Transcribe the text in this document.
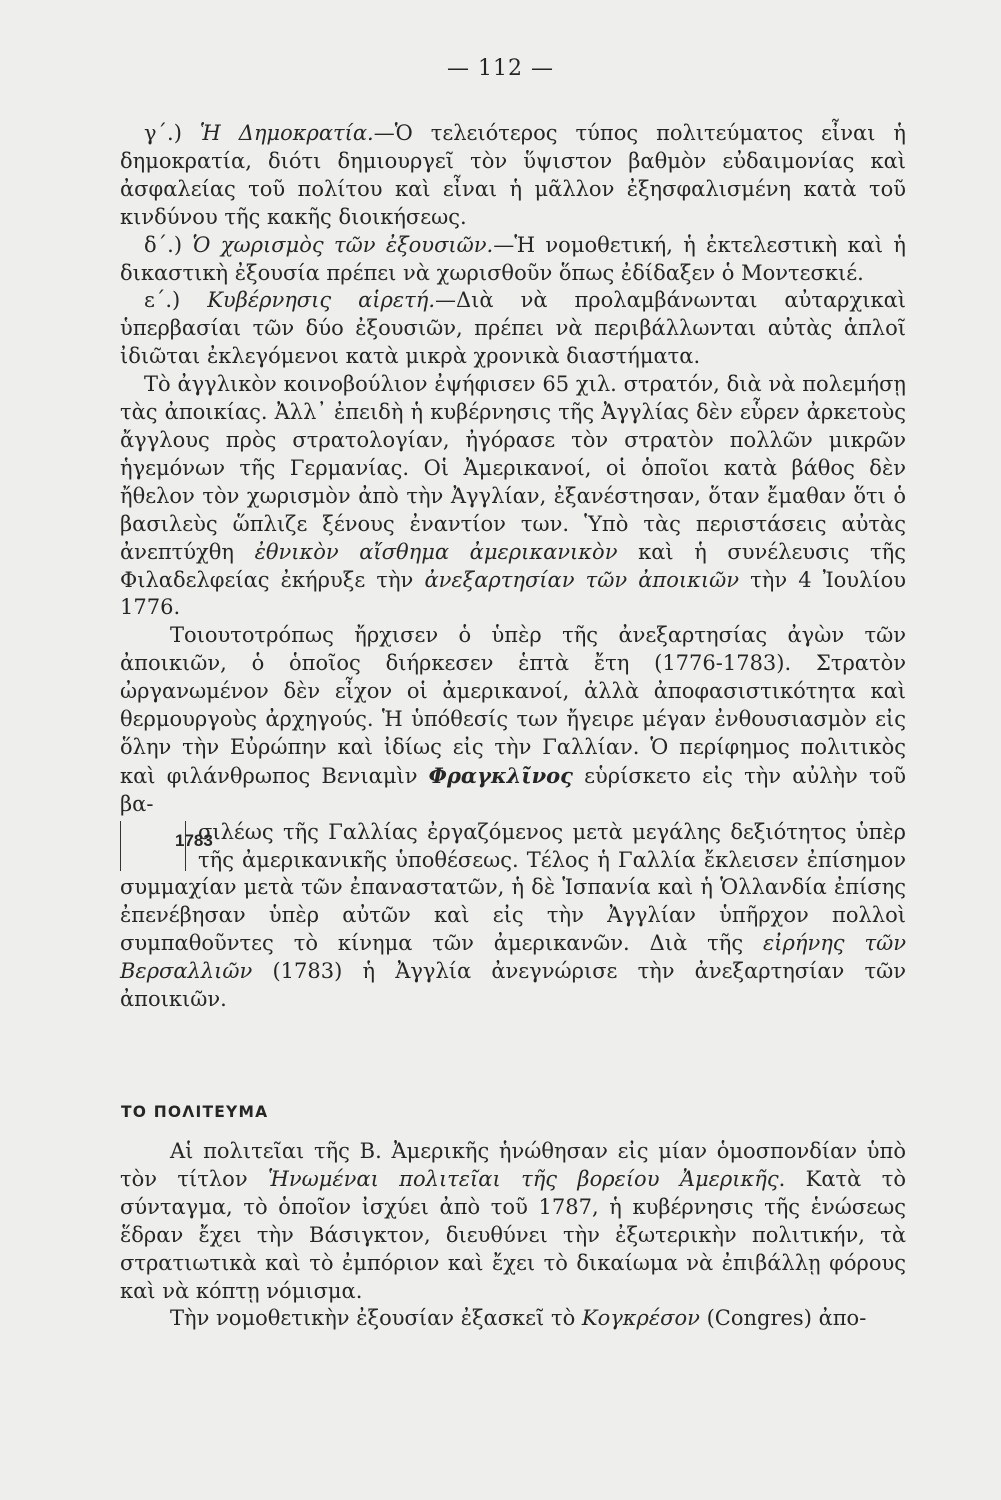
— 112 —

γ΄.) Ἡ Δημοκρατία.—Ὁ τελειότερος τύπος πολιτεύματος εἶναι ἡ δημοκρατία, διότι δημιουργεῖ τὸν ὕψιστον βαθμὸν εὐδαιμονίας καὶ ἀσφαλείας τοῦ πολίτου καὶ εἶναι ἡ μᾶλλον ἐξησφαλισμένη κατὰ τοῦ κινδύνου τῆς κακῆς διοικήσεως.

δ΄.) Ὁ χωρισμὸς τῶν ἐξουσιῶν.—Ἡ νομοθετική, ἡ ἐκτελεστικὴ καὶ ἡ δικαστικὴ ἐξουσία πρέπει νὰ χωρισθοῦν ὅπως ἐδίδαξεν ὁ Μοντεσκιέ.

ε΄.) Κυβέρνησις αἱρετή.—Διὰ νὰ προλαμβάνωνται αὐταρχικαὶ ὑπερβασίαι τῶν δύο ἐξουσιῶν, πρέπει νὰ περιβάλλωνται αὐτὰς ἁπλοῖ ἰδιῶται ἐκλεγόμενοι κατὰ μικρὰ χρονικὰ διαστήματα.

Τὸ ἀγγλικὸν κοινοβούλιον ἐψήφισεν 65 χιλ. στρατόν, διὰ νὰ πολεμήσῃ τὰς ἀποικίας. Ἀλλ᾽ ἐπειδὴ ἡ κυβέρνησις τῆς Ἀγγλίας δὲν εὗρεν ἀρκετοὺς ἄγγλους πρὸς στρατολογίαν, ἠγόρασε τὸν στρατὸν πολλῶν μικρῶν ἡγεμόνων τῆς Γερμανίας. Οἱ Ἀμερικανοί, οἱ ὁποῖοι κατὰ βάθος δὲν ἤθελον τὸν χωρισμὸν ἀπὸ τὴν Ἀγγλίαν, ἐξανέστησαν, ὅταν ἔμαθαν ὅτι ὁ βασιλεὺς ὥπλιζε ξένους ἐναντίον των. Ὑπὸ τὰς περιστάσεις αὐτὰς ἀνεπτύχθη ἐθνικὸν αἴσθημα ἀμερικανικὸν καὶ ἡ συνέλευσις τῆς Φιλαδελφείας ἐκήρυξε τὴν ἀνεξαρτησίαν τῶν ἀποικιῶν τὴν 4 Ἰουλίου 1776.

Τοιουτοτρόπως ἤρχισεν ὁ ὑπὲρ τῆς ἀνεξαρτησίας ἀγὼν τῶν ἀποικιῶν, ὁ ὁποῖος διήρκεσεν ἑπτὰ ἔτη (1776-1783). Στρατὸν ὠργανωμένον δὲν εἶχον οἱ ἀμερικανοί, ἀλλὰ ἀποφασιστικότητα καὶ θερμουργοὺς ἀρχηγούς. Ἡ ὑπόθεσίς των ἤγειρε μέγαν ἐνθουσιασμὸν εἰς ὅλην τὴν Εὐρώπην καὶ ἰδίως εἰς τὴν Γαλλίαν. Ὁ περίφημος πολιτικὸς καὶ φιλάνθρωπος Βενιαμὶν Φραγκλῖνος εὑρίσκετο εἰς τὴν αὐλὴν τοῦ βα-

1783
σιλέως τῆς Γαλλίας ἐργαζόμενος μετὰ μεγάλης δεξιότητος ὑπὲρ τῆς ἀμερικανικῆς ὑποθέσεως. Τέλος ἡ Γαλλία ἔκλεισεν ἐπίσημον συμμαχίαν μετὰ τῶν ἐπαναστατῶν, ἡ δὲ Ἱσπανία καὶ ἡ Ὁλλανδία ἐπίσης ἐπενέβησαν ὑπὲρ αὐτῶν καὶ εἰς τὴν Ἀγγλίαν ὑπῆρχον πολλοὶ συμπαθοῦντες τὸ κίνημα τῶν ἀμερικανῶν. Διὰ τῆς εἰρήνης τῶν Βερσαλλιῶν (1783) ἡ Ἀγγλία ἀνεγνώρισε τὴν ἀνεξαρτησίαν τῶν ἀποικιῶν.

ΤΟ ΠΟΛΙΤΕΥΜΑ

Αἱ πολιτεῖαι τῆς Β. Ἀμερικῆς ἡνώθησαν εἰς μίαν ὁμοσπονδίαν ὑπὸ τὸν τίτλον Ἡνωμέναι πολιτεῖαι τῆς βορείου Ἀμερικῆς. Κατὰ τὸ σύνταγμα, τὸ ὁποῖον ἰσχύει ἀπὸ τοῦ 1787, ἡ κυβέρνησις τῆς ἑνώσεως ἕδραν ἔχει τὴν Βάσιγκτον, διευθύνει τὴν ἐξωτερικὴν πολιτικήν, τὰ στρατιωτικὰ καὶ τὸ ἐμπόριον καὶ ἔχει τὸ δικαίωμα νὰ ἐπιβάλλῃ φόρους καὶ νὰ κόπτῃ νόμισμα.

Τὴν νομοθετικὴν ἐξουσίαν ἐξασκεῖ τὸ Κογκρέσον (Congres) ἀπο-
